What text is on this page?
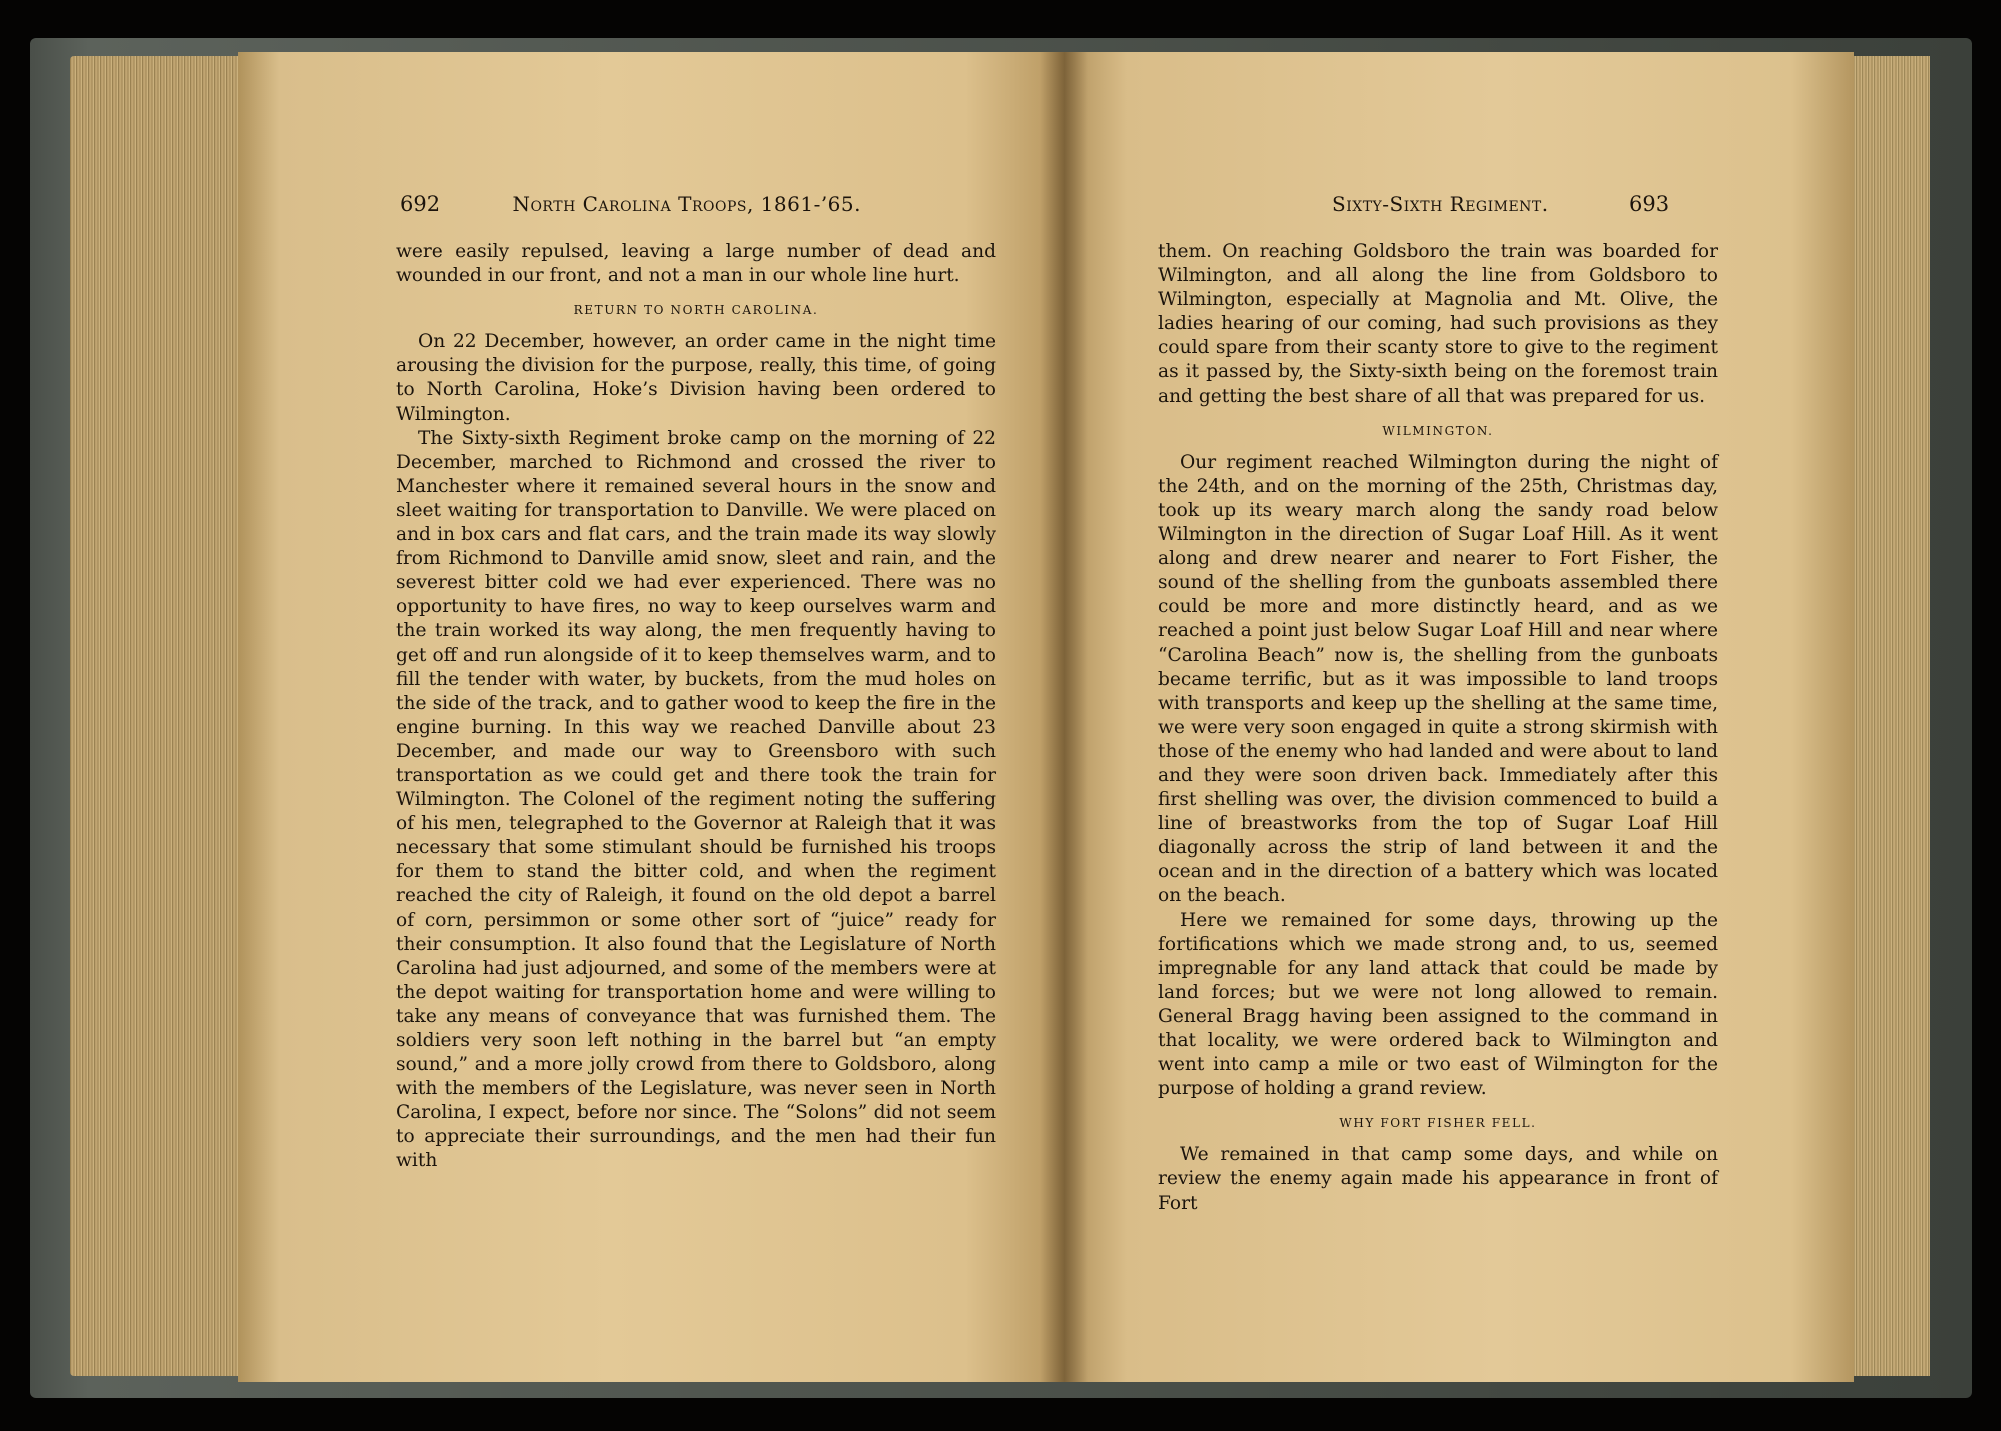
692	North Carolina Troops, 1861-’65.

were easily repulsed, leaving a large number of dead and wounded in our front, and not a man in our whole line hurt.

RETURN TO NORTH CAROLINA.

On 22 December, however, an order came in the night time arousing the division for the purpose, really, this time, of going to North Carolina, Hoke’s Division having been ordered to Wilmington.

The Sixty-sixth Regiment broke camp on the morning of 22 December, marched to Richmond and crossed the river to Manchester where it remained several hours in the snow and sleet waiting for transportation to Danville. We were placed on and in box cars and flat cars, and the train made its way slowly from Richmond to Danville amid snow, sleet and rain, and the severest bitter cold we had ever experienced. There was no opportunity to have fires, no way to keep ourselves warm and the train worked its way along, the men frequently having to get off and run alongside of it to keep themselves warm, and to fill the tender with water, by buckets, from the mud holes on the side of the track, and to gather wood to keep the fire in the engine burning. In this way we reached Danville about 23 December, and made our way to Greensboro with such transportation as we could get and there took the train for Wilmington. The Colonel of the regiment noting the suffering of his men, telegraphed to the Governor at Raleigh that it was necessary that some stimulant should be furnished his troops for them to stand the bitter cold, and when the regiment reached the city of Raleigh, it found on the old depot a barrel of corn, persimmon or some other sort of “juice” ready for their consumption. It also found that the Legislature of North Carolina had just adjourned, and some of the members were at the depot waiting for transportation home and were willing to take any means of conveyance that was furnished them. The soldiers very soon left nothing in the barrel but “an empty sound,” and a more jolly crowd from there to Goldsboro, along with the members of the Legislature, was never seen in North Carolina, I expect, before nor since. The “Solons” did not seem to appreciate their surroundings, and the men had their fun with

Sixty-Sixth Regiment.	693

them. On reaching Goldsboro the train was boarded for Wilmington, and all along the line from Goldsboro to Wilmington, especially at Magnolia and Mt. Olive, the ladies hearing of our coming, had such provisions as they could spare from their scanty store to give to the regiment as it passed by, the Sixty-sixth being on the foremost train and getting the best share of all that was prepared for us.

WILMINGTON.

Our regiment reached Wilmington during the night of the 24th, and on the morning of the 25th, Christmas day, took up its weary march along the sandy road below Wilmington in the direction of Sugar Loaf Hill. As it went along and drew nearer and nearer to Fort Fisher, the sound of the shelling from the gunboats assembled there could be more and more distinctly heard, and as we reached a point just below Sugar Loaf Hill and near where “Carolina Beach” now is, the shelling from the gunboats became terrific, but as it was impossible to land troops with transports and keep up the shelling at the same time, we were very soon engaged in quite a strong skirmish with those of the enemy who had landed and were about to land and they were soon driven back. Immediately after this first shelling was over, the division commenced to build a line of breastworks from the top of Sugar Loaf Hill diagonally across the strip of land between it and the ocean and in the direction of a battery which was located on the beach.

Here we remained for some days, throwing up the fortifications which we made strong and, to us, seemed impregnable for any land attack that could be made by land forces; but we were not long allowed to remain. General Bragg having been assigned to the command in that locality, we were ordered back to Wilmington and went into camp a mile or two east of Wilmington for the purpose of holding a grand review.

WHY FORT FISHER FELL.

We remained in that camp some days, and while on review the enemy again made his appearance in front of Fort
